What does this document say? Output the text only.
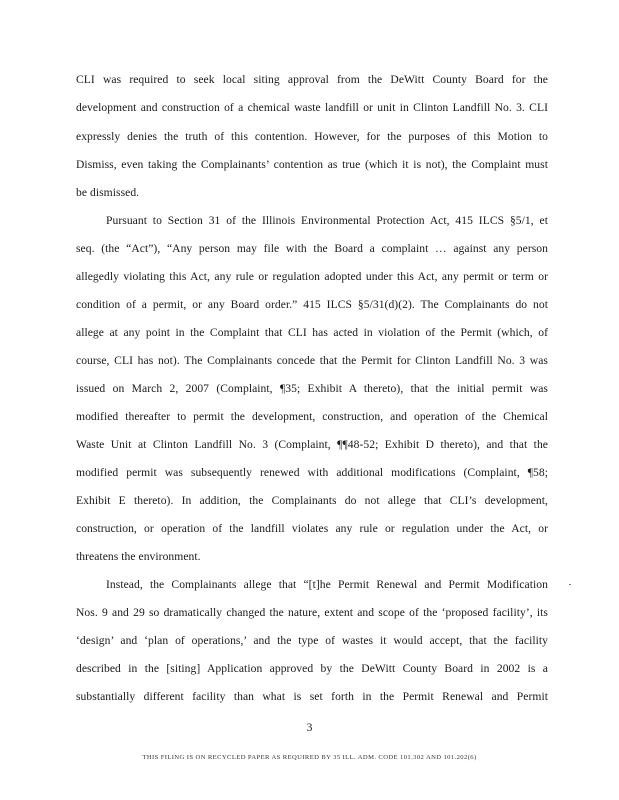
CLI was required to seek local siting approval from the DeWitt County Board for the
development and construction of a chemical waste landfill or unit in Clinton Landfill No. 3. CLI
expressly denies the truth of this contention. However, for the purposes of this Motion to
Dismiss, even taking the Complainants’ contention as true (which it is not), the Complaint must
be dismissed.
Pursuant to Section 31 of the Illinois Environmental Protection Act, 415 ILCS §5/1, et
seq. (the “Act”), “Any person may file with the Board a complaint … against any person
allegedly violating this Act, any rule or regulation adopted under this Act, any permit or term or
condition of a permit, or any Board order.” 415 ILCS §5/31(d)(2). The Complainants do not
allege at any point in the Complaint that CLI has acted in violation of the Permit (which, of
course, CLI has not). The Complainants concede that the Permit for Clinton Landfill No. 3 was
issued on March 2, 2007 (Complaint, ¶35; Exhibit A thereto), that the initial permit was
modified thereafter to permit the development, construction, and operation of the Chemical
Waste Unit at Clinton Landfill No. 3 (Complaint, ¶¶48-52; Exhibit D thereto), and that the
modified permit was subsequently renewed with additional modifications (Complaint, ¶58;
Exhibit E thereto). In addition, the Complainants do not allege that CLI’s development,
construction, or operation of the landfill violates any rule or regulation under the Act, or
threatens the environment.
Instead, the Complainants allege that “[t]he Permit Renewal and Permit Modification
Nos. 9 and 29 so dramatically changed the nature, extent and scope of the ‘proposed facility’, its
‘design’ and ‘plan of operations,’ and the type of wastes it would accept, that the facility
described in the [siting] Application approved by the DeWitt County Board in 2002 is a
substantially different facility than what is set forth in the Permit Renewal and Permit
3
THIS FILING IS ON RECYCLED PAPER AS REQUIRED BY 35 ILL. ADM. CODE 101.302 AND 101.202(6)
